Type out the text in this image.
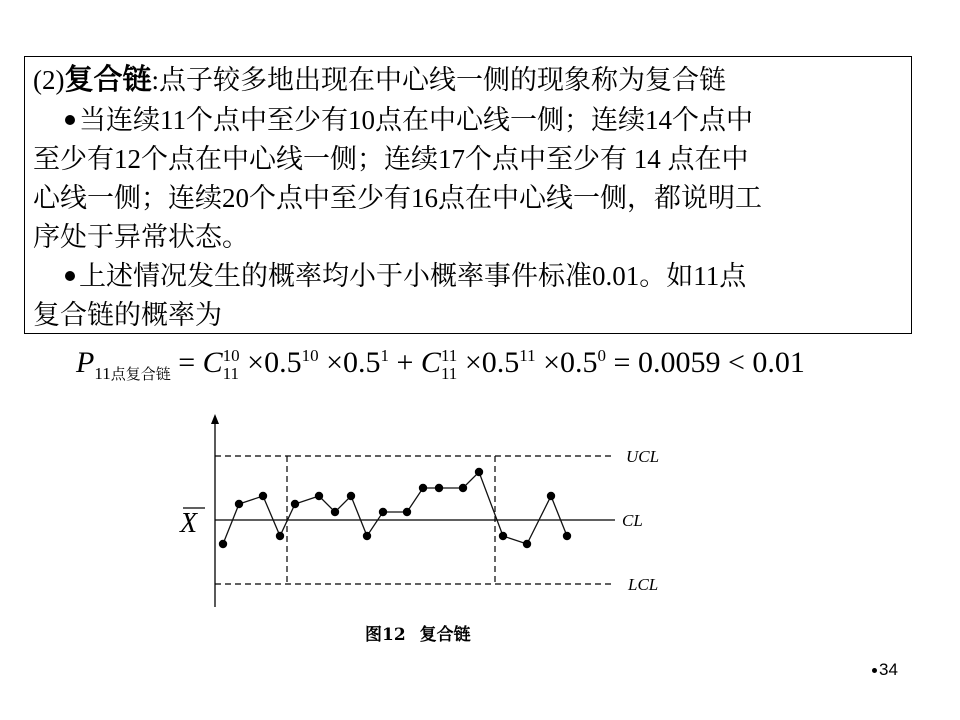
(2)复合链:点子较多地出现在中心线一侧的现象称为复合链
当连续11个点中至少有10点在中心线一侧；连续14个点中
至少有12个点在中心线一侧；连续17个点中至少有 14 点在中
心线一侧；连续20个点中至少有16点在中心线一侧，都说明工
序处于异常状态。
上述情况发生的概率均小于小概率事件标准0.01。如11点
复合链的概率为
$P_{11点复合链} = C$ 10
$11 \times 0.5^{10} \times 0.5^1 + C$ 11
$11 \times 0.5^{11} \times 0.5^0 = 0.0059 < 0.01$
UCL
CL
LCL
X
图12 复合链
34
